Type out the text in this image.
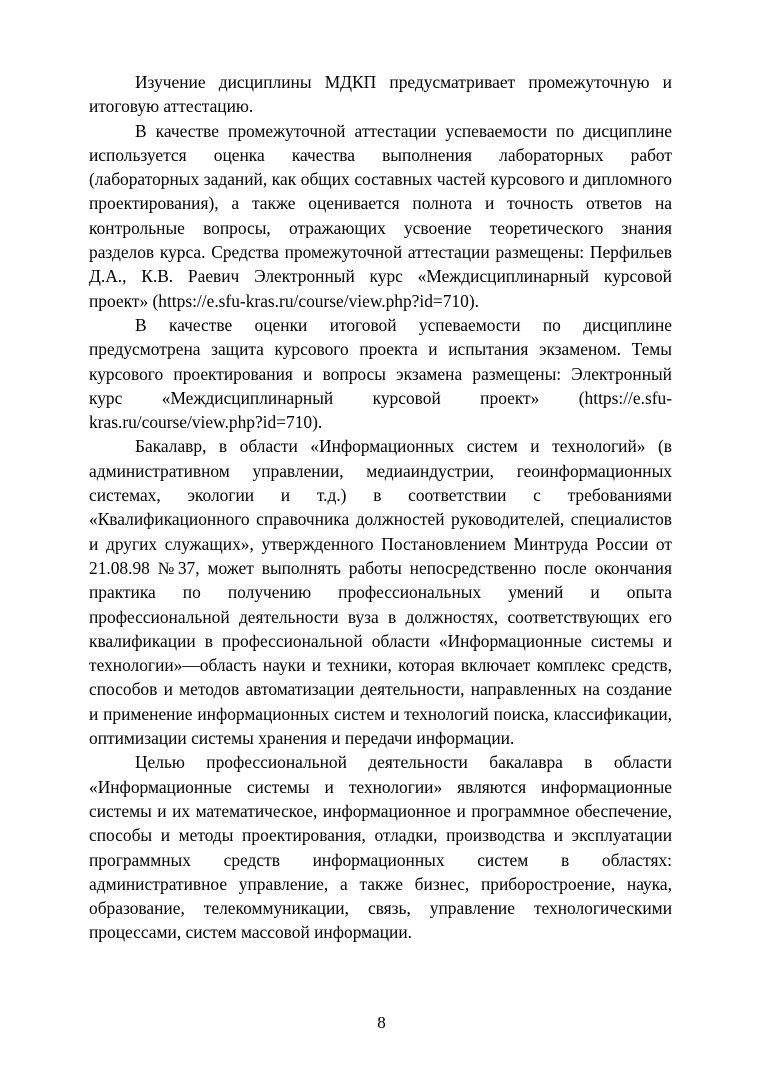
Изучение дисциплины МДКП предусматривает промежуточную и итоговую аттестацию.

В качестве промежуточной аттестации успеваемости по дисциплине используется оценка качества выполнения лабораторных работ (лабораторных заданий, как общих составных частей курсового и дипломного проектирования), а также оценивается полнота и точность ответов на контрольные вопросы, отражающих усвоение теоретического знания разделов курса. Средства промежуточной аттестации размещены: Перфильев Д.А., К.В. Раевич Электронный курс «Междисциплинарный курсовой проект» (https://e.sfu-kras.ru/course/view.php?id=710).

В качестве оценки итоговой успеваемости по дисциплине предусмотрена защита курсового проекта и испытания экзаменом. Темы курсового проектирования и вопросы экзамена размещены: Электронный курс «Междисциплинарный курсовой проект» (https://e.sfu-kras.ru/course/view.php?id=710).

Бакалавр, в области «Информационных систем и технологий» (в административном управлении, медиаиндустрии, геоинформационных системах, экологии и т.д.) в соответствии с требованиями «Квалификационного справочника должностей руководителей, специалистов и других служащих», утвержденного Постановлением Минтруда России от 21.08.98 №37, может выполнять работы непосредственно после окончания практика по получению профессиональных умений и опыта профессиональной деятельности вуза в должностях, соответствующих его квалификации в профессиональной области «Информационные системы и технологии»—область науки и техники, которая включает комплекс средств, способов и методов автоматизации деятельности, направленных на создание и применение информационных систем и технологий поиска, классификации, оптимизации системы хранения и передачи информации.

Целью профессиональной деятельности бакалавра в области «Информационные системы и технологии» являются информационные системы и их математическое, информационное и программное обеспечение, способы и методы проектирования, отладки, производства и эксплуатации программных средств информационных систем в областях: административное управление, а также бизнес, приборостроение, наука, образование, телекоммуникации, связь, управление технологическими процессами, систем массовой информации.

8
